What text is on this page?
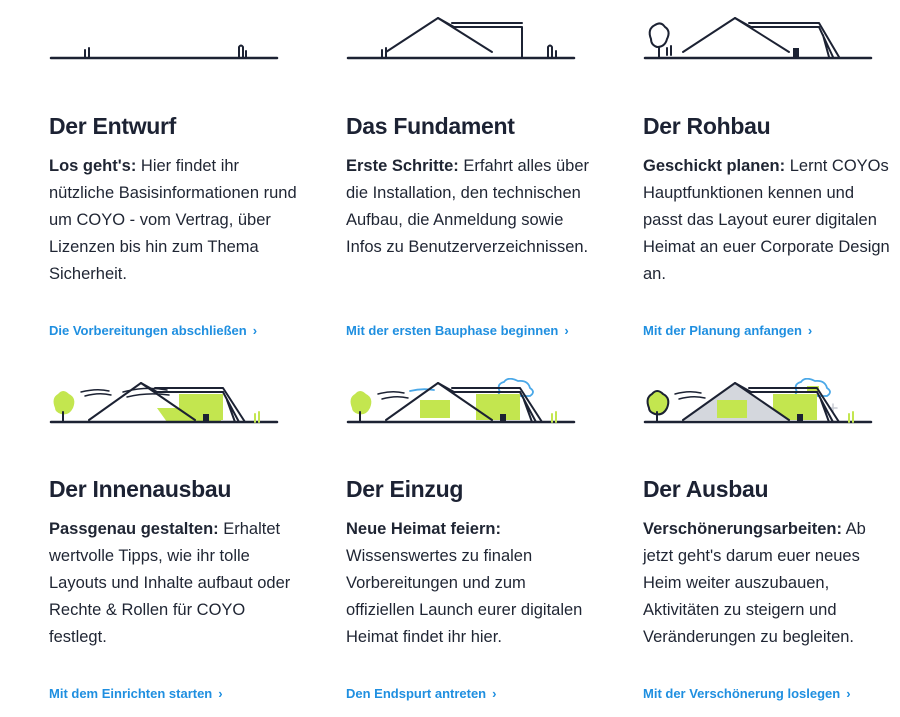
Der Entwurf

Los geht's: Hier findet ihr nützliche Basisinformationen rund um COYO - vom Vertrag, über Lizenzen bis hin zum Thema Sicherheit.

Die Vorbereitungen abschließen ›
Das Fundament

Erste Schritte: Erfahrt alles über die Installation, den technischen Aufbau, die Anmeldung sowie Infos zu Benutzerverzeichnissen.

Mit der ersten Bauphase beginnen ›
Der Rohbau

Geschickt planen: Lernt COYOs Hauptfunktionen kennen und passt das Layout eurer digitalen Heimat an euer Corporate Design an.

Mit der Planung anfangen ›
Der Innenausbau

Passgenau gestalten: Erhaltet wertvolle Tipps, wie ihr tolle Layouts und Inhalte aufbaut oder Rechte & Rollen für COYO festlegt.

Mit dem Einrichten starten ›
Der Einzug

Neue Heimat feiern: Wissenswertes zu finalen Vorbereitungen und zum offiziellen Launch eurer digitalen Heimat findet ihr hier.

Den Endspurt antreten ›
Der Ausbau

Verschönerungsarbeiten: Ab jetzt geht's darum euer neues Heim weiter auszubauen, Aktivitäten zu steigern und Veränderungen zu begleiten.

Mit der Verschönerung loslegen ›
